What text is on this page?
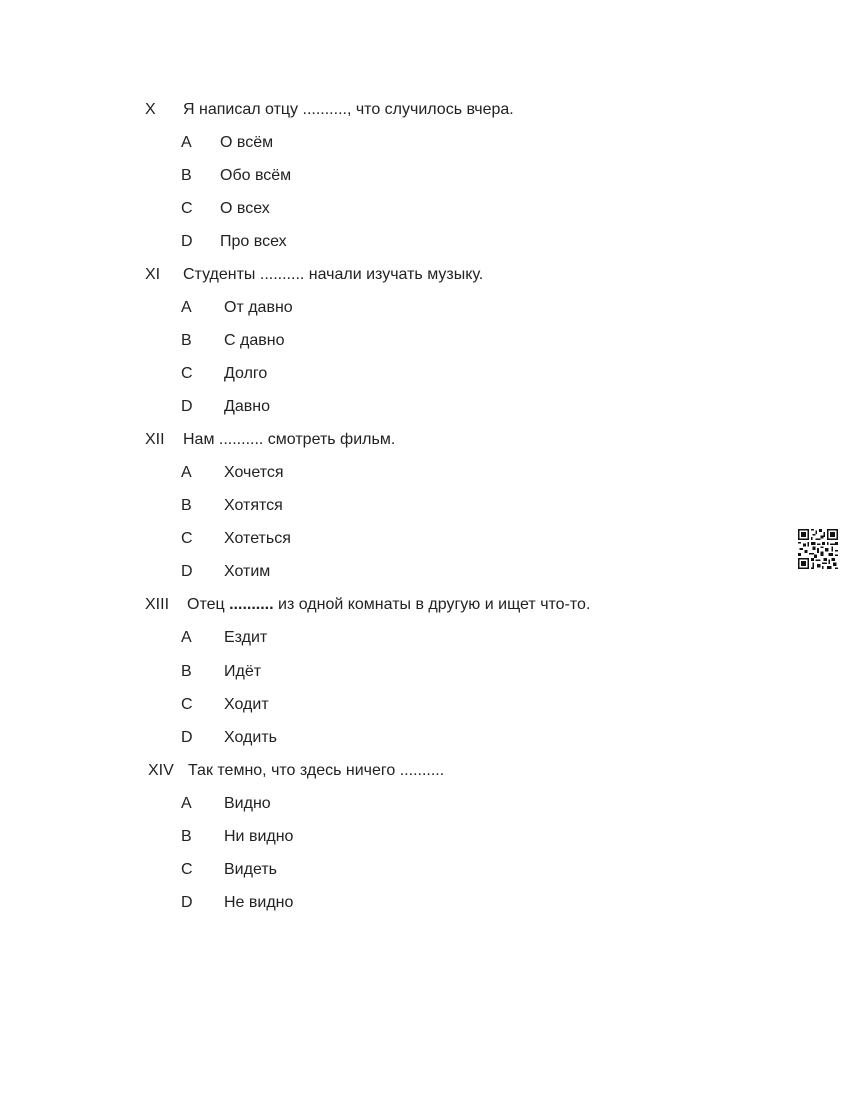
X Я написал отцу .........., что случилось вчера.
A О всём
B Обо всём
C О всех
D Про всех
XI Студенты .......... начали изучать музыку.
A От давно
B С давно
C Долго
D Давно
XII Нам .......... смотреть фильм.
A Хочется
B Хотятся
C Хотеться
D Хотим
XIII Отец .......... из одной комнаты в другую и ищет что-то.
A Ездит
B Идёт
C Ходит
D Ходить
XIV Так темно, что здесь ничего ..........
A Видно
B Ни видно
C Видеть
D Не видно
